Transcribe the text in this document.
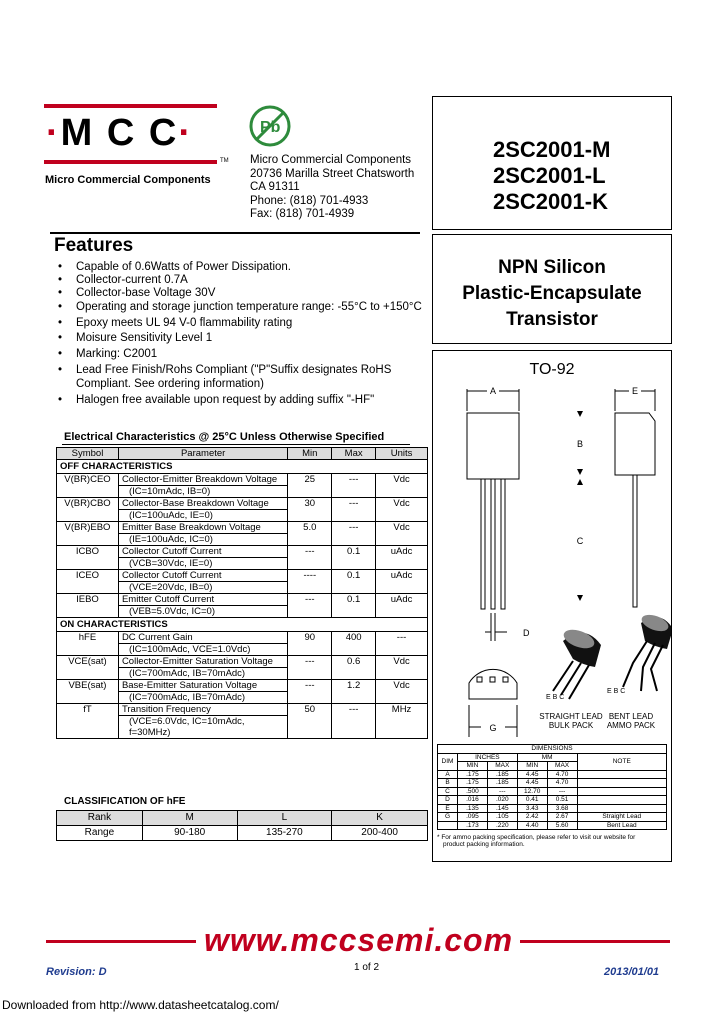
·M C C·
TM
Micro Commercial Components
Pb
Micro Commercial Components
20736 Marilla Street Chatsworth
CA 91311
Phone: (818) 701-4933
Fax: (818) 701-4939
2SC2001-M
2SC2001-L
2SC2001-K
NPN Silicon
Plastic-Encapsulate
Transistor
Features
• Capable of 0.6Watts of Power Dissipation.
• Collector-current 0.7A
• Collector-base Voltage 30V
• Operating and storage junction temperature range: -55°C to +150°C
• Epoxy meets UL 94 V-0 flammability rating
• Moisure Sensitivity Level 1
• Marking: C2001
• Lead Free Finish/Rohs Compliant ("P"Suffix designates RoHS Compliant. See ordering information)
• Halogen free available upon request by adding suffix "-HF"
Electrical Characteristics @ 25°C Unless Otherwise Specified
Symbol	Parameter	Min	Max	Units
OFF CHARACTERISTICS				
V(BR)CEO	Collector-Emitter Breakdown Voltage	25	---	Vdc
	(IC=10mAdc, IB=0)			
V(BR)CBO	Collector-Base Breakdown Voltage	30	---	Vdc
	(IC=100uAdc, IE=0)			
V(BR)EBO	Emitter Base Breakdown Voltage	5.0	---	Vdc
	(IE=100uAdc, IC=0)			
ICBO	Collector Cutoff Current	---	0.1	uAdc
	(VCB=30Vdc, IE=0)			
ICEO	Collector Cutoff Current	----	0.1	uAdc
	(VCE=20Vdc, IB=0)			
IEBO	Emitter Cutoff Current	---	0.1	uAdc
	(VEB=5.0Vdc, IC=0)			
ON CHARACTERISTICS				
hFE	DC Current Gain	90	400	---
	(IC=100mAdc, VCE=1.0Vdc)			
VCE(sat)	Collector-Emitter Saturation Voltage	---	0.6	Vdc
	(IC=700mAdc, IB=70mAdc)			
VBE(sat)	Base-Emitter Saturation Voltage	---	1.2	Vdc
	(IC=700mAdc, IB=70mAdc)			
fT	Transition Frequency	50	---	MHz
	(VCE=6.0Vdc, IC=10mAdc, f=30MHz)			
CLASSIFICATION OF hFE
Rank	M	L	K
Range	90-180	135-270	200-400
TO-92
A
D
E
B
C
G
E B C
E B C
STRAIGHT LEAD
BULK PACK
BENT LEAD
AMMO PACK
DIMENSIONS					
DIM	INCHES		MM		NOTE
	MIN	MAX	MIN	MAX	
A	.175	.185	4.45	4.70	
B	.175	.185	4.45	4.70	
C	.500	---	12.70	---	
D	.016	.020	0.41	0.51	
E	.135	.145	3.43	3.68	
G	.095	.105	2.42	2.67	Straight Lead
	.173	.220	4.40	5.60	Bent Lead
* For ammo packing specification, please refer to visit our website for
product packing information.
www.mccsemi.com
Revision: D	1 of 2	2013/01/01
Downloaded from http://www.datasheetcatalog.com/
